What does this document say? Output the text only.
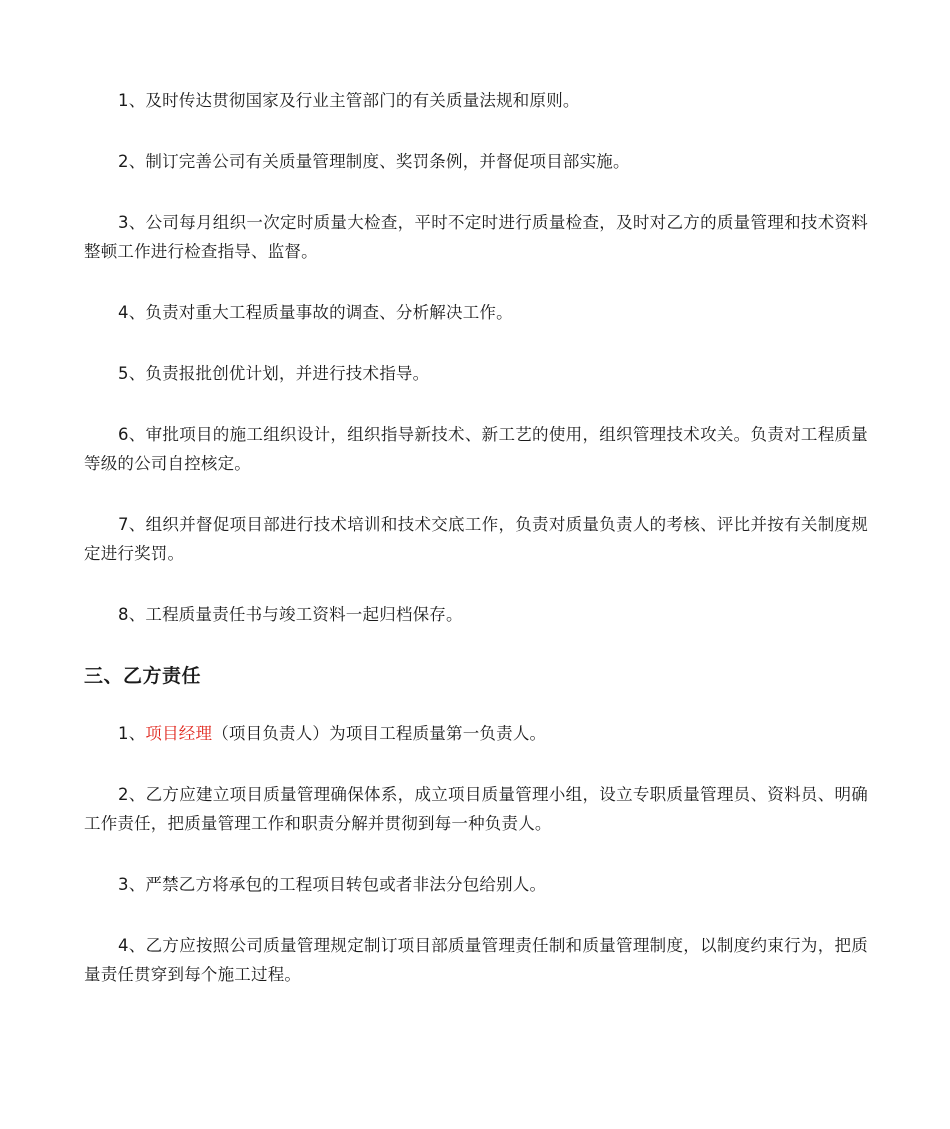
1、及时传达贯彻国家及行业主管部门的有关质量法规和原则。

2、制订完善公司有关质量管理制度、奖罚条例，并督促项目部实施。

3、公司每月组织一次定时质量大检查，平时不定时进行质量检查，及时对乙方的质量管理和技术资料整顿工作进行检查指导、监督。

4、负责对重大工程质量事故的调查、分析解决工作。

5、负责报批创优计划，并进行技术指导。

6、审批项目的施工组织设计，组织指导新技术、新工艺的使用，组织管理技术攻关。负责对工程质量等级的公司自控核定。

7、组织并督促项目部进行技术培训和技术交底工作，负责对质量负责人的考核、评比并按有关制度规定进行奖罚。

8、工程质量责任书与竣工资料一起归档保存。

三、乙方责任

1、项目经理（项目负责人）为项目工程质量第一负责人。

2、乙方应建立项目质量管理确保体系，成立项目质量管理小组，设立专职质量管理员、资料员、明确工作责任，把质量管理工作和职责分解并贯彻到每一种负责人。

3、严禁乙方将承包的工程项目转包或者非法分包给别人。

4、乙方应按照公司质量管理规定制订项目部质量管理责任制和质量管理制度，以制度约束行为，把质量责任贯穿到每个施工过程。
